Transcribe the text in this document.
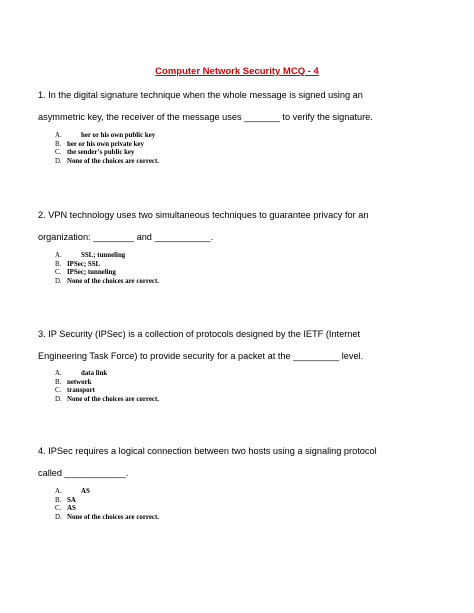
Computer Network Security MCQ - 4
1. In the digital signature technique when the whole message is signed using an
asymmetric key, the receiver of the message uses _______ to verify the signature.
A.	her or his own public key
B. her or his own private key
C. the sender’s public key
D. None of the choices are correct.
2. VPN technology uses two simultaneous techniques to guarantee privacy for an
organization: ________ and ___________.
A.	SSL; tunneling
B. IPSec; SSL
C. IPSec; tunneling
D. None of the choices are correct.
3. IP Security (IPSec) is a collection of protocols designed by the IETF (Internet
Engineering Task Force) to provide security for a packet at the _________ level.
A.	data link
B. network
C. transport
D. None of the choices are correct.
4. IPSec requires a logical connection between two hosts using a signaling protocol
called ____________.
A.	AS
B. SA
C. AS
D. None of the choices are correct.
